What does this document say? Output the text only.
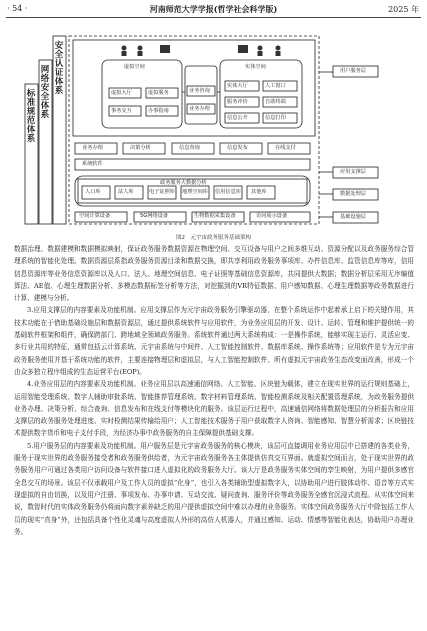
· 54 ·	河南师范大学学报(哲学社会科学版)	2025 年
标准规范体系
网络安全体系
安全认证体系
虚拟空间
虚拟大厅	虚拟服务
事务交互	办事指南
业务咨询
业务办理
实体空间
实体大厅	人工窗口
服务评价	自助终端
信息公开	信息打印
业务办理	决策分析	信息查询	信息发布	在线支付
系统软件
政务服务大数据分析
人口库	法人库	电子证照库 地理空间库 信用信息库 其他库
空间计算设备	5G网络设备	生物数据采集设备	访问展示设备
用户服务层
应用支撑层
数据处理层
基础设施层
图2　元宇宙政务服务基础架构

数据治理、数据建模和数据模拟映射，保证政务服务数据资源在物理空间、交互设备与用户之间多维互动、资源分配以及政务服务综合管理系统的智能化处理。数据资源层系指政务服务资源目录和数据交换，即共享利用政务服务事项库、办件信息库、监管信息库等库，信用信息资源库等业务信息资源库以及人口、法人、地理空间信息、电子证照等基础信息资源库，共同提供大数据；数据分析层采用无序编值算法、AE值、心理生理数据分析、多模态数据标签分析等方法，对挖掘到的VR特征数据、用户感知数据、心理生理数据等政务数据进行计算、建模与分析。

3.应用支撑层的内容要素及功能机制。应用支撑层作为元宇宙政务服务引擎驱动器，在整个系统运作中起着承上启下的关键作用，其技术功能在于借助基础设施层和数据资源层，通过提供系统软件与应用软件，为业务应用层的开发、设计、运转、管理和维护提供统一的基础软件框架和组件，确保跨部门、跨地域全领域政务服务。系统软件通过两大系统构成：一是操作系统，能够实现主运行、灵活应变、多行业共用的特征，通常包括云计算系统、元宇宙系统与中间件、人工智能控制软件、数据库系统、操作系统等；应用软件是专为元宇宙政务服务使用并基于系统功能的软件，主要连接物理层和虚拟层，与人工智能控制软件、所有虚拟元宇宙政务生态改变面改善，形成一个由众多独立程序组成的生态运营平台(EOP)。

4.业务应用层的内容要素及功能机制。业务应用层以高速通信网络、人工智能、区块链为载体，建立在现实世界的运行规则基础上，运用智能受理系统、数字人辅助审批系统、智能推荐管理系统、数字材料管理系统、智能检测系统及相关配置管理系统，为政务服务提供业务办理、决策分析、综合查询、信息发布和在线支付等模块化的服务。该层运行过程中，高速通信网络将数据处理层的分析报告和应用支撑层的政务服务处理进度、实时检测结果传输给用户；人工智能技术服务于用户获取数字人咨询、智能感知、智慧分析需求；区块链技术提供数字货币和电子支付手段，为经济办事中政务服务的自主保障提供基础支撑。

5.用户服务层的内容要素及功能机制。用户服务层是元宇宙政务服务的核心模块，该层可直接调用业务应用层中已搭建的各类业务，服务于现实世界的政务服务接受者和政务服务供给者，为元宇宙政务服务各主体提供仿真交互界面。就虚拟空间而言，处于现实世界的政务服务用户可通过各类用户访问设备与软件接口进入虚拟化的政务服务大厅。该大厅是政务服务实体空间的孪生映射，为用户提供多感官全息交互的场景。该层不仅承载用户及工作人员的虚拟“化身”，也引入各类辅助型虚拟数字人，以协助用户进行肢体动作、语音等方式实现虚拟的自由切换，以及用户注册、事项发布、办事申请、互动交流、疑问查询、服务评价等政务服务全感官沉浸式流程。从实体空间来说，数智时代的实体政务服务仍将面向数字素养缺乏的用户提供虚拟空间中难以办理的业务服务。实体空间政务服务大厅中除包括工作人员的现实“真身”外，还包括具备个性化灵魂与高度虚拟人外形的高仿人机器人，并通过感知、运动、情感等智能化表达，协助用户办理业务。
